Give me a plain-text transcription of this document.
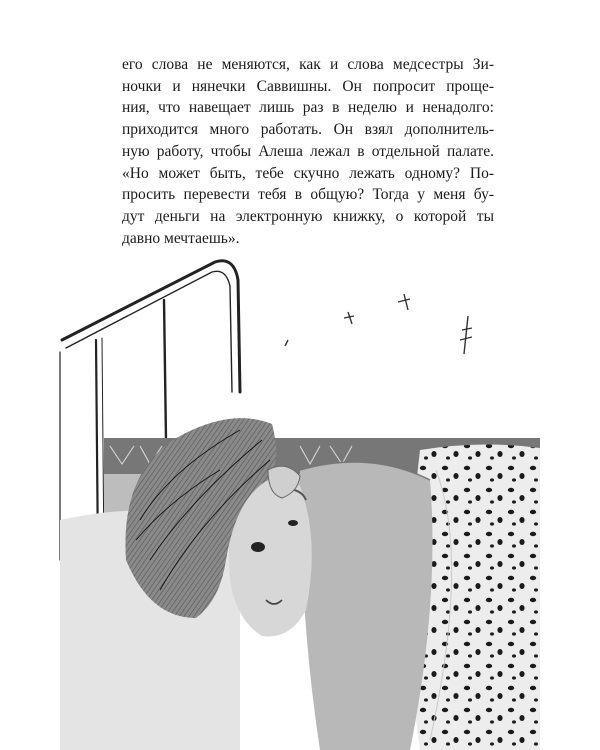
его слова не меняются, как и слова медсестры Зи-
ночки и нянечки Саввишны. Он попросит проще-
ния, что навещает лишь раз в неделю и ненадолго:
приходится много работать. Он взял дополнитель-
ную работу, чтобы Алеша лежал в отдельной палате.
«Но может быть, тебе скучно лежать одному? По-
просить перевести тебя в общую? Тогда у меня бу-
дут деньги на электронную книжку, о которой ты
давно мечтаешь».
